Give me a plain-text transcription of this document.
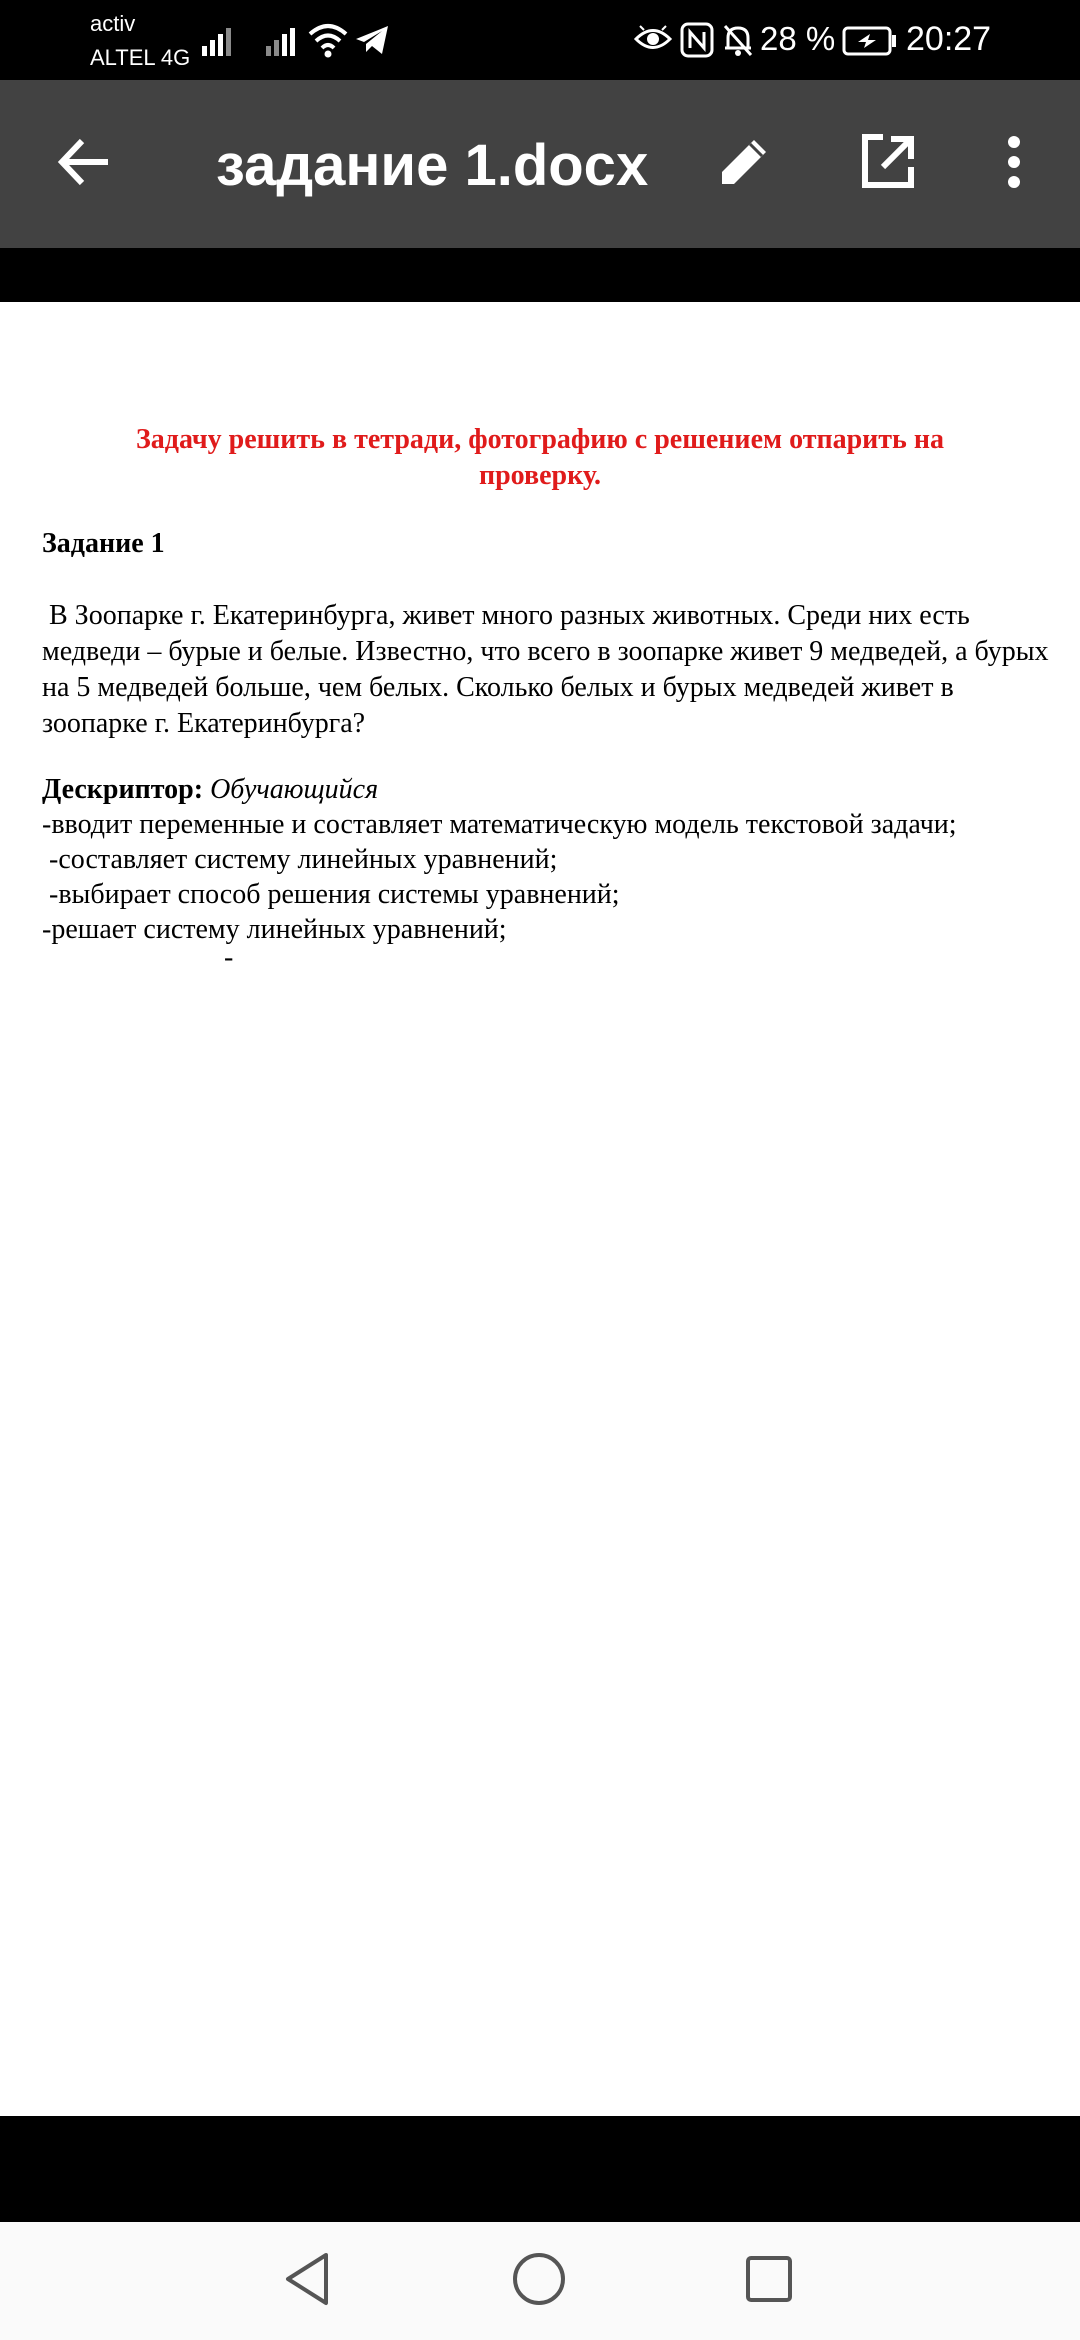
activ
ALTEL 4G
28 % 20:27
задание 1.docx
Задачу решить в тетради, фотографию с решением отпарить на проверку.
Задание 1
В Зоопарке г. Екатеринбурга, живет много разных животных. Среди них есть медведи – бурые и белые. Известно, что всего в зоопарке живет 9 медведей, а бурых на 5 медведей больше, чем белых. Сколько белых и бурых медведей живет в зоопарке г. Екатеринбурга?
Дескриптор: Обучающийся
-вводит переменные и составляет математическую модель текстовой задачи;
-составляет систему линейных уравнений;
-выбирает способ решения системы уравнений;
-решает систему линейных уравнений;
-
